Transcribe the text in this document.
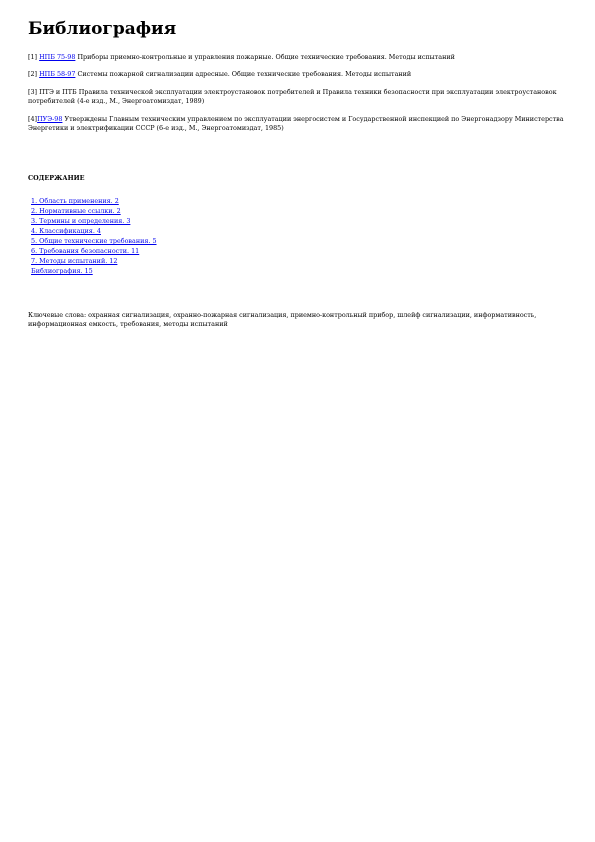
Библиография
[1] НПБ 75-98 Приборы приемно-контрольные и управления пожарные. Общие технические требования. Методы испытаний
[2] НПБ 58-97 Системы пожарной сигнализации адресные. Общие технические требования. Методы испытаний
[3] ПТЭ и ПТБ Правила технической эксплуатации электроустановок потребителей и Правила техники безопасности при эксплуатации электроустановок потребителей (4-е изд., М., Энергоатомиздат, 1989)
[4]ПУЭ-98 Утверждены Главным техническим управлением по эксплуатации энергосистем и Государственной инспекцией по Энергонадзору Министерства Энергетики и электрификации СССР (6-е изд., М., Энергоатомиздат, 1985)
СОДЕРЖАНИЕ
1. Область применения. 2
2. Нормативные ссылки. 2
3. Термины и определения. 3
4. Классификация. 4
5. Общие технические требования. 5
6. Требования безопасности. 11
7. Методы испытаний. 12
Библиография. 15

Ключевые слова: охранная сигнализация, охранно-пожарная сигнализация, приемно-контрольный прибор, шлейф сигнализации, информативность, информационная емкость, требования, методы испытаний
